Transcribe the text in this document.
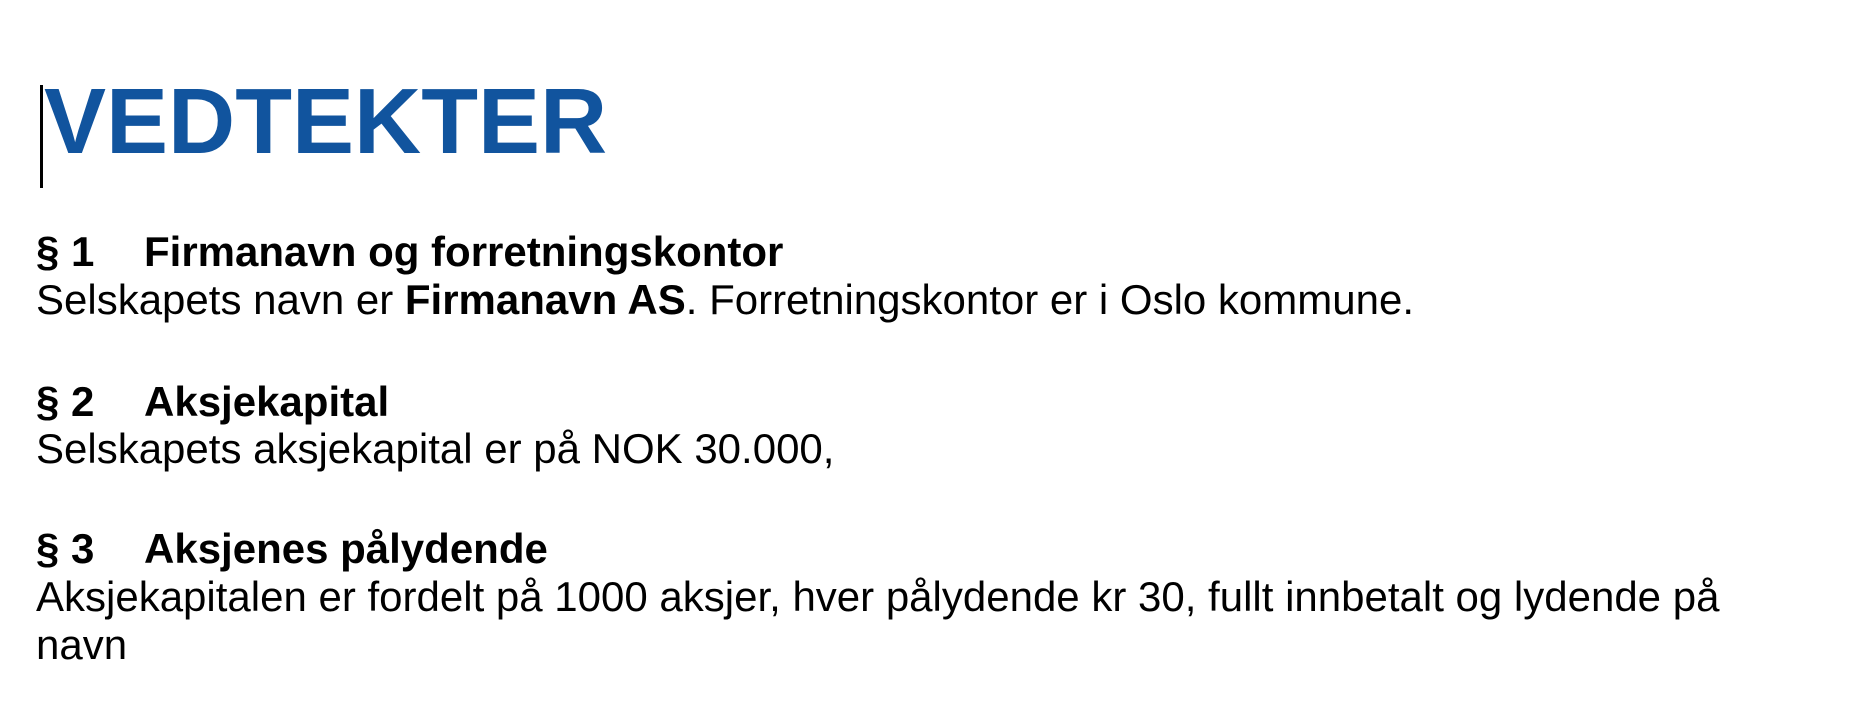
VEDTEKTER
§ 1 Firmanavn og forretningskontor
Selskapets navn er Firmanavn AS. Forretningskontor er i Oslo kommune.
§ 2 Aksjekapital
Selskapets aksjekapital er på NOK 30.000,
§ 3 Aksjenes pålydende
Aksjekapitalen er fordelt på 1000 aksjer, hver pålydende kr 30, fullt innbetalt og lydende på
navn
